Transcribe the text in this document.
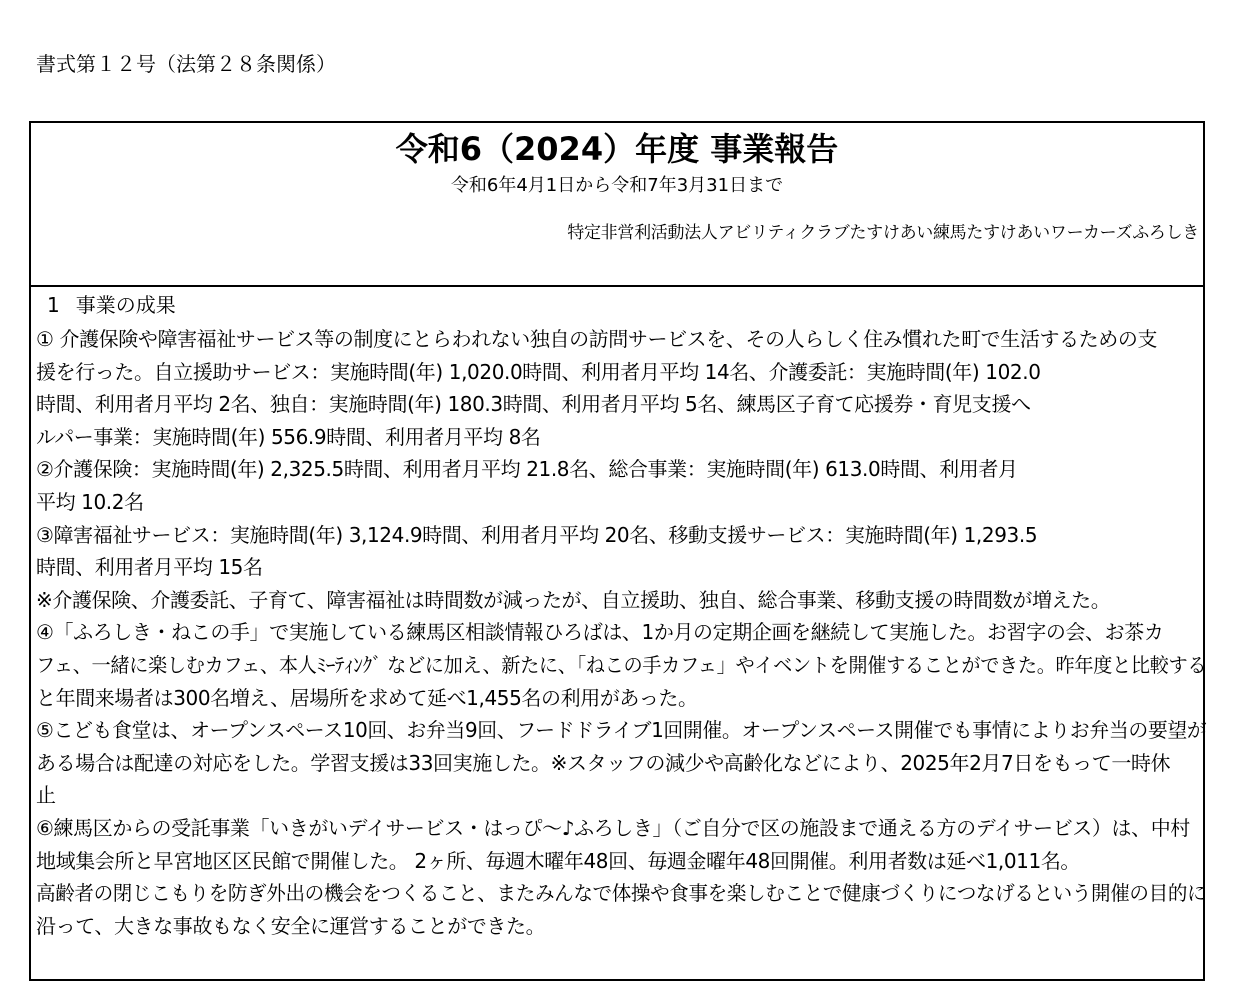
書式第１２号（法第２８条関係）
令和6（2024）年度 事業報告
令和6年4月1日から令和7年3月31日まで
特定非営利活動法人アビリティクラブたすけあい練馬たすけあいワーカーズふろしき
1 事業の成果
① 介護保険や障害福祉サービス等の制度にとらわれない独自の訪問サービスを、その人らしく住み慣れた町で生活するための支
援を行った。自立援助サービス：実施時間(年) 1,020.0時間、利用者月平均 14名、介護委託：実施時間(年) 102.0
時間、利用者月平均 2名、独自：実施時間(年) 180.3時間、利用者月平均 5名、練馬区子育て応援券・育児支援へ
ルパー事業：実施時間(年) 556.9時間、利用者月平均 8名
②介護保険：実施時間(年) 2,325.5時間、利用者月平均 21.8名、総合事業：実施時間(年) 613.0時間、利用者月
平均 10.2名
③障害福祉サービス：実施時間(年) 3,124.9時間、利用者月平均 20名、移動支援サービス：実施時間(年) 1,293.5
時間、利用者月平均 15名
※介護保険、介護委託、子育て、障害福祉は時間数が減ったが、自立援助、独自、総合事業、移動支援の時間数が増えた。
④「ふろしき・ねこの手」で実施している練馬区相談情報ひろばは、1か月の定期企画を継続して実施した。お習字の会、お茶カ
フェ、一緒に楽しむカフェ、本人ﾐｰﾃｨﾝｸﾞ などに加え、新たに、「ねこの手カフェ」やイベントを開催することができた。昨年度と比較する
と年間来場者は300名増え、居場所を求めて延べ1,455名の利用があった。
⑤こども食堂は、オープンスペース10回、お弁当9回、フードドライブ1回開催。オープンスペース開催でも事情によりお弁当の要望が
ある場合は配達の対応をした。学習支援は33回実施した。※スタッフの減少や高齢化などにより、2025年2月7日をもって一時休
止
⑥練馬区からの受託事業「いきがいデイサービス・はっぴ～♪ふろしき」（ご自分で区の施設まで通える方のデイサービス）は、中村
地域集会所と早宮地区区民館で開催した。 2ヶ所、毎週木曜年48回、毎週金曜年48回開催。利用者数は延べ1,011名。
高齢者の閉じこもりを防ぎ外出の機会をつくること、またみんなで体操や食事を楽しむことで健康づくりにつなげるという開催の目的に
沿って、大きな事故もなく安全に運営することができた。
